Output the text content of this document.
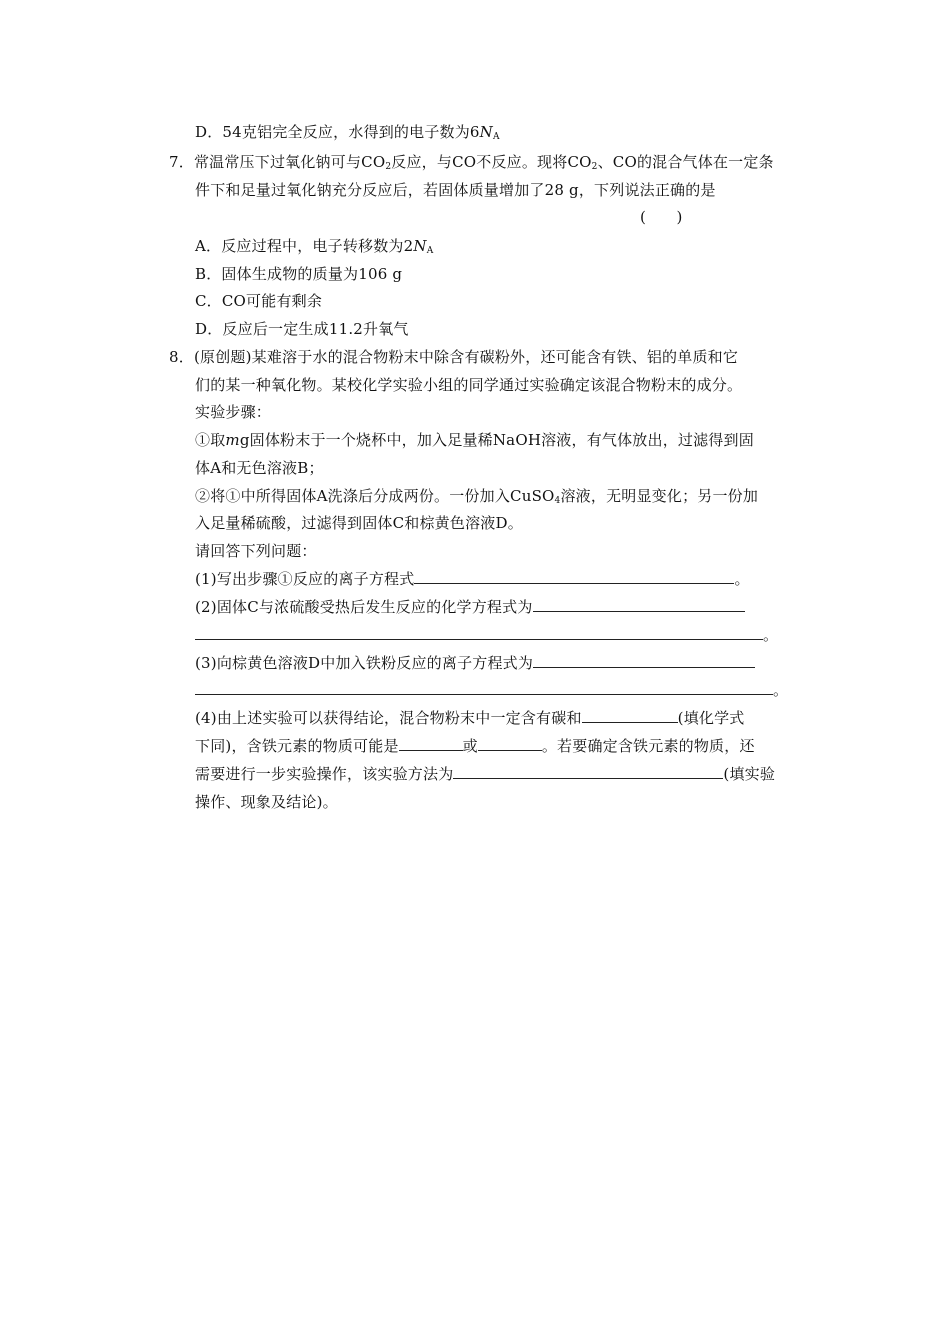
D．54克铝完全反应，水得到的电子数为$6N_A$
7．常温常压下过氧化钠可与$CO_2$反应，与CO不反应。现将$CO_2$、CO的混合气体在一定条
件下和足量过氧化钠充分反应后，若固体质量增加了28 g，下列说法正确的是
(　　)
A．反应过程中，电子转移数为$2N_A$
B．固体生成物的质量为106 g
C．CO可能有剩余
D．反应后一定生成11.2升氧气
8．(原创题)某难溶于水的混合物粉末中除含有碳粉外，还可能含有铁、铝的单质和它
们的某一种氧化物。某校化学实验小组的同学通过实验确定该混合物粉末的成分。
实验步骤：
①取mg固体粉末于一个烧杯中，加入足量稀NaOH溶液，有气体放出，过滤得到固
体A和无色溶液B；
②将①中所得固体A洗涤后分成两份。一份加入CuSO$_4$溶液，无明显变化；另一份加
入足量稀硫酸，过滤得到固体C和棕黄色溶液D。
请回答下列问题：
(1)写出步骤①反应的离子方程式	。
(2)固体C与浓硫酸受热后发生反应的化学方程式为
。
(3)向棕黄色溶液D中加入铁粉反应的离子方程式为
。
(4)由上述实验可以获得结论，混合物粉末中一定含有碳和	(填化学式
下同)，含铁元素的物质可能是	或	。若要确定含铁元素的物质，还
需要进行一步实验操作，该实验方法为	(填实验
操作、现象及结论)。
